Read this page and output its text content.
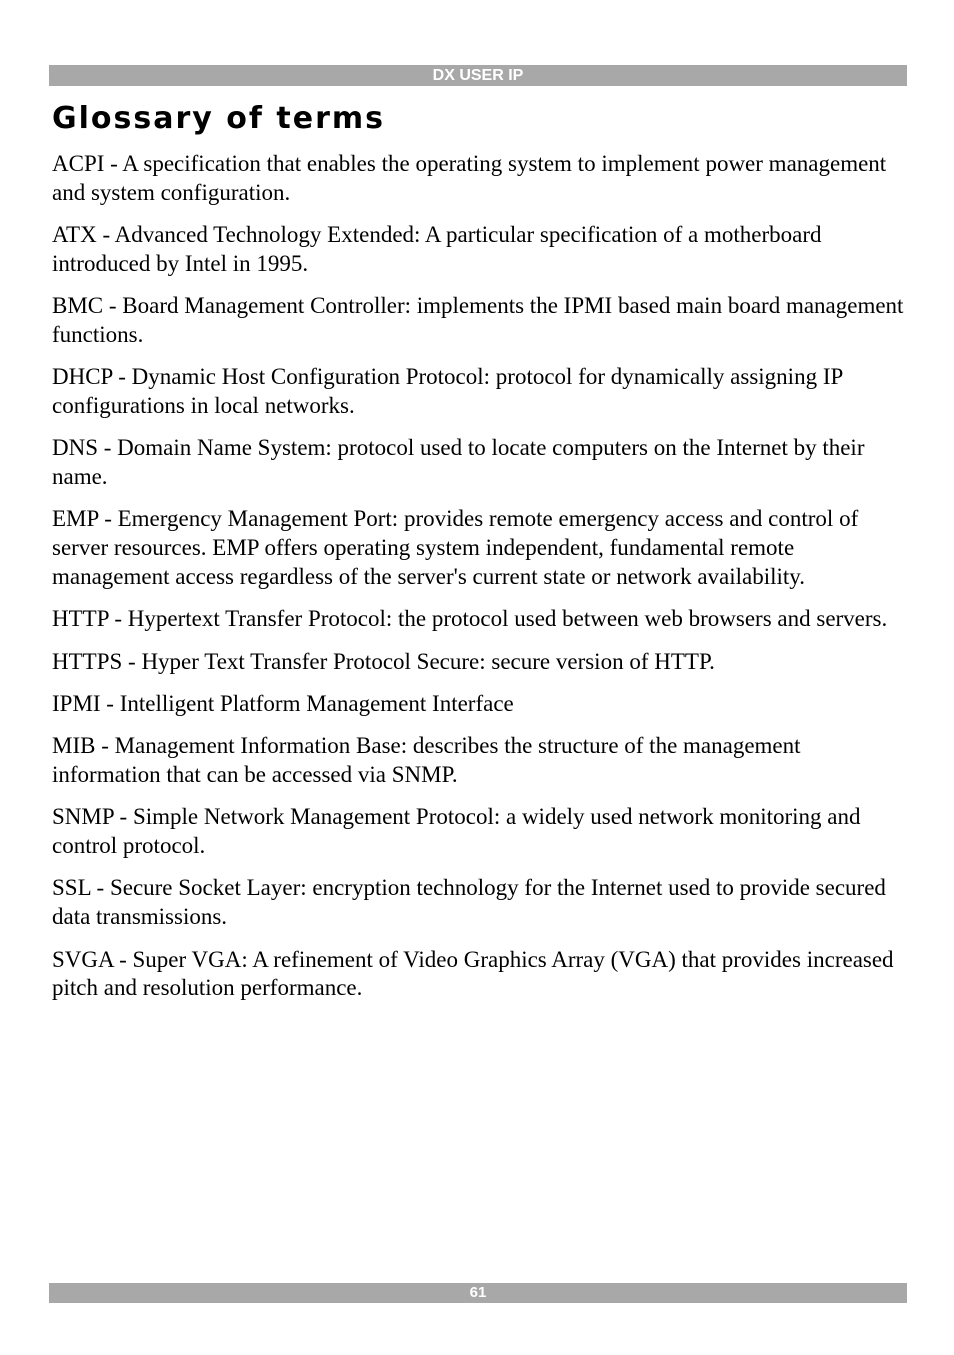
DX USER IP
Glossary of terms

ACPI - A specification that enables the operating system to implement power management and system configuration.

ATX - Advanced Technology Extended: A particular specification of a motherboard introduced by Intel in 1995.

BMC - Board Management Controller: implements the IPMI based main board management functions.

DHCP - Dynamic Host Configuration Protocol: protocol for dynamically assigning IP configurations in local networks.

DNS - Domain Name System: protocol used to locate computers on the Internet by their name.

EMP - Emergency Management Port: provides remote emergency access and control of server resources. EMP offers operating system independent, fundamental remote management access regardless of the server's current state or network availability.

HTTP - Hypertext Transfer Protocol: the protocol used between web browsers and servers.

HTTPS - Hyper Text Transfer Protocol Secure: secure version of HTTP.

IPMI - Intelligent Platform Management Interface

MIB - Management Information Base: describes the structure of the management information that can be accessed via SNMP.

SNMP - Simple Network Management Protocol: a widely used network monitoring and control protocol.

SSL - Secure Socket Layer: encryption technology for the Internet used to provide secured data transmissions.

SVGA - Super VGA: A refinement of Video Graphics Array (VGA) that provides increased pitch and resolution performance.

61
